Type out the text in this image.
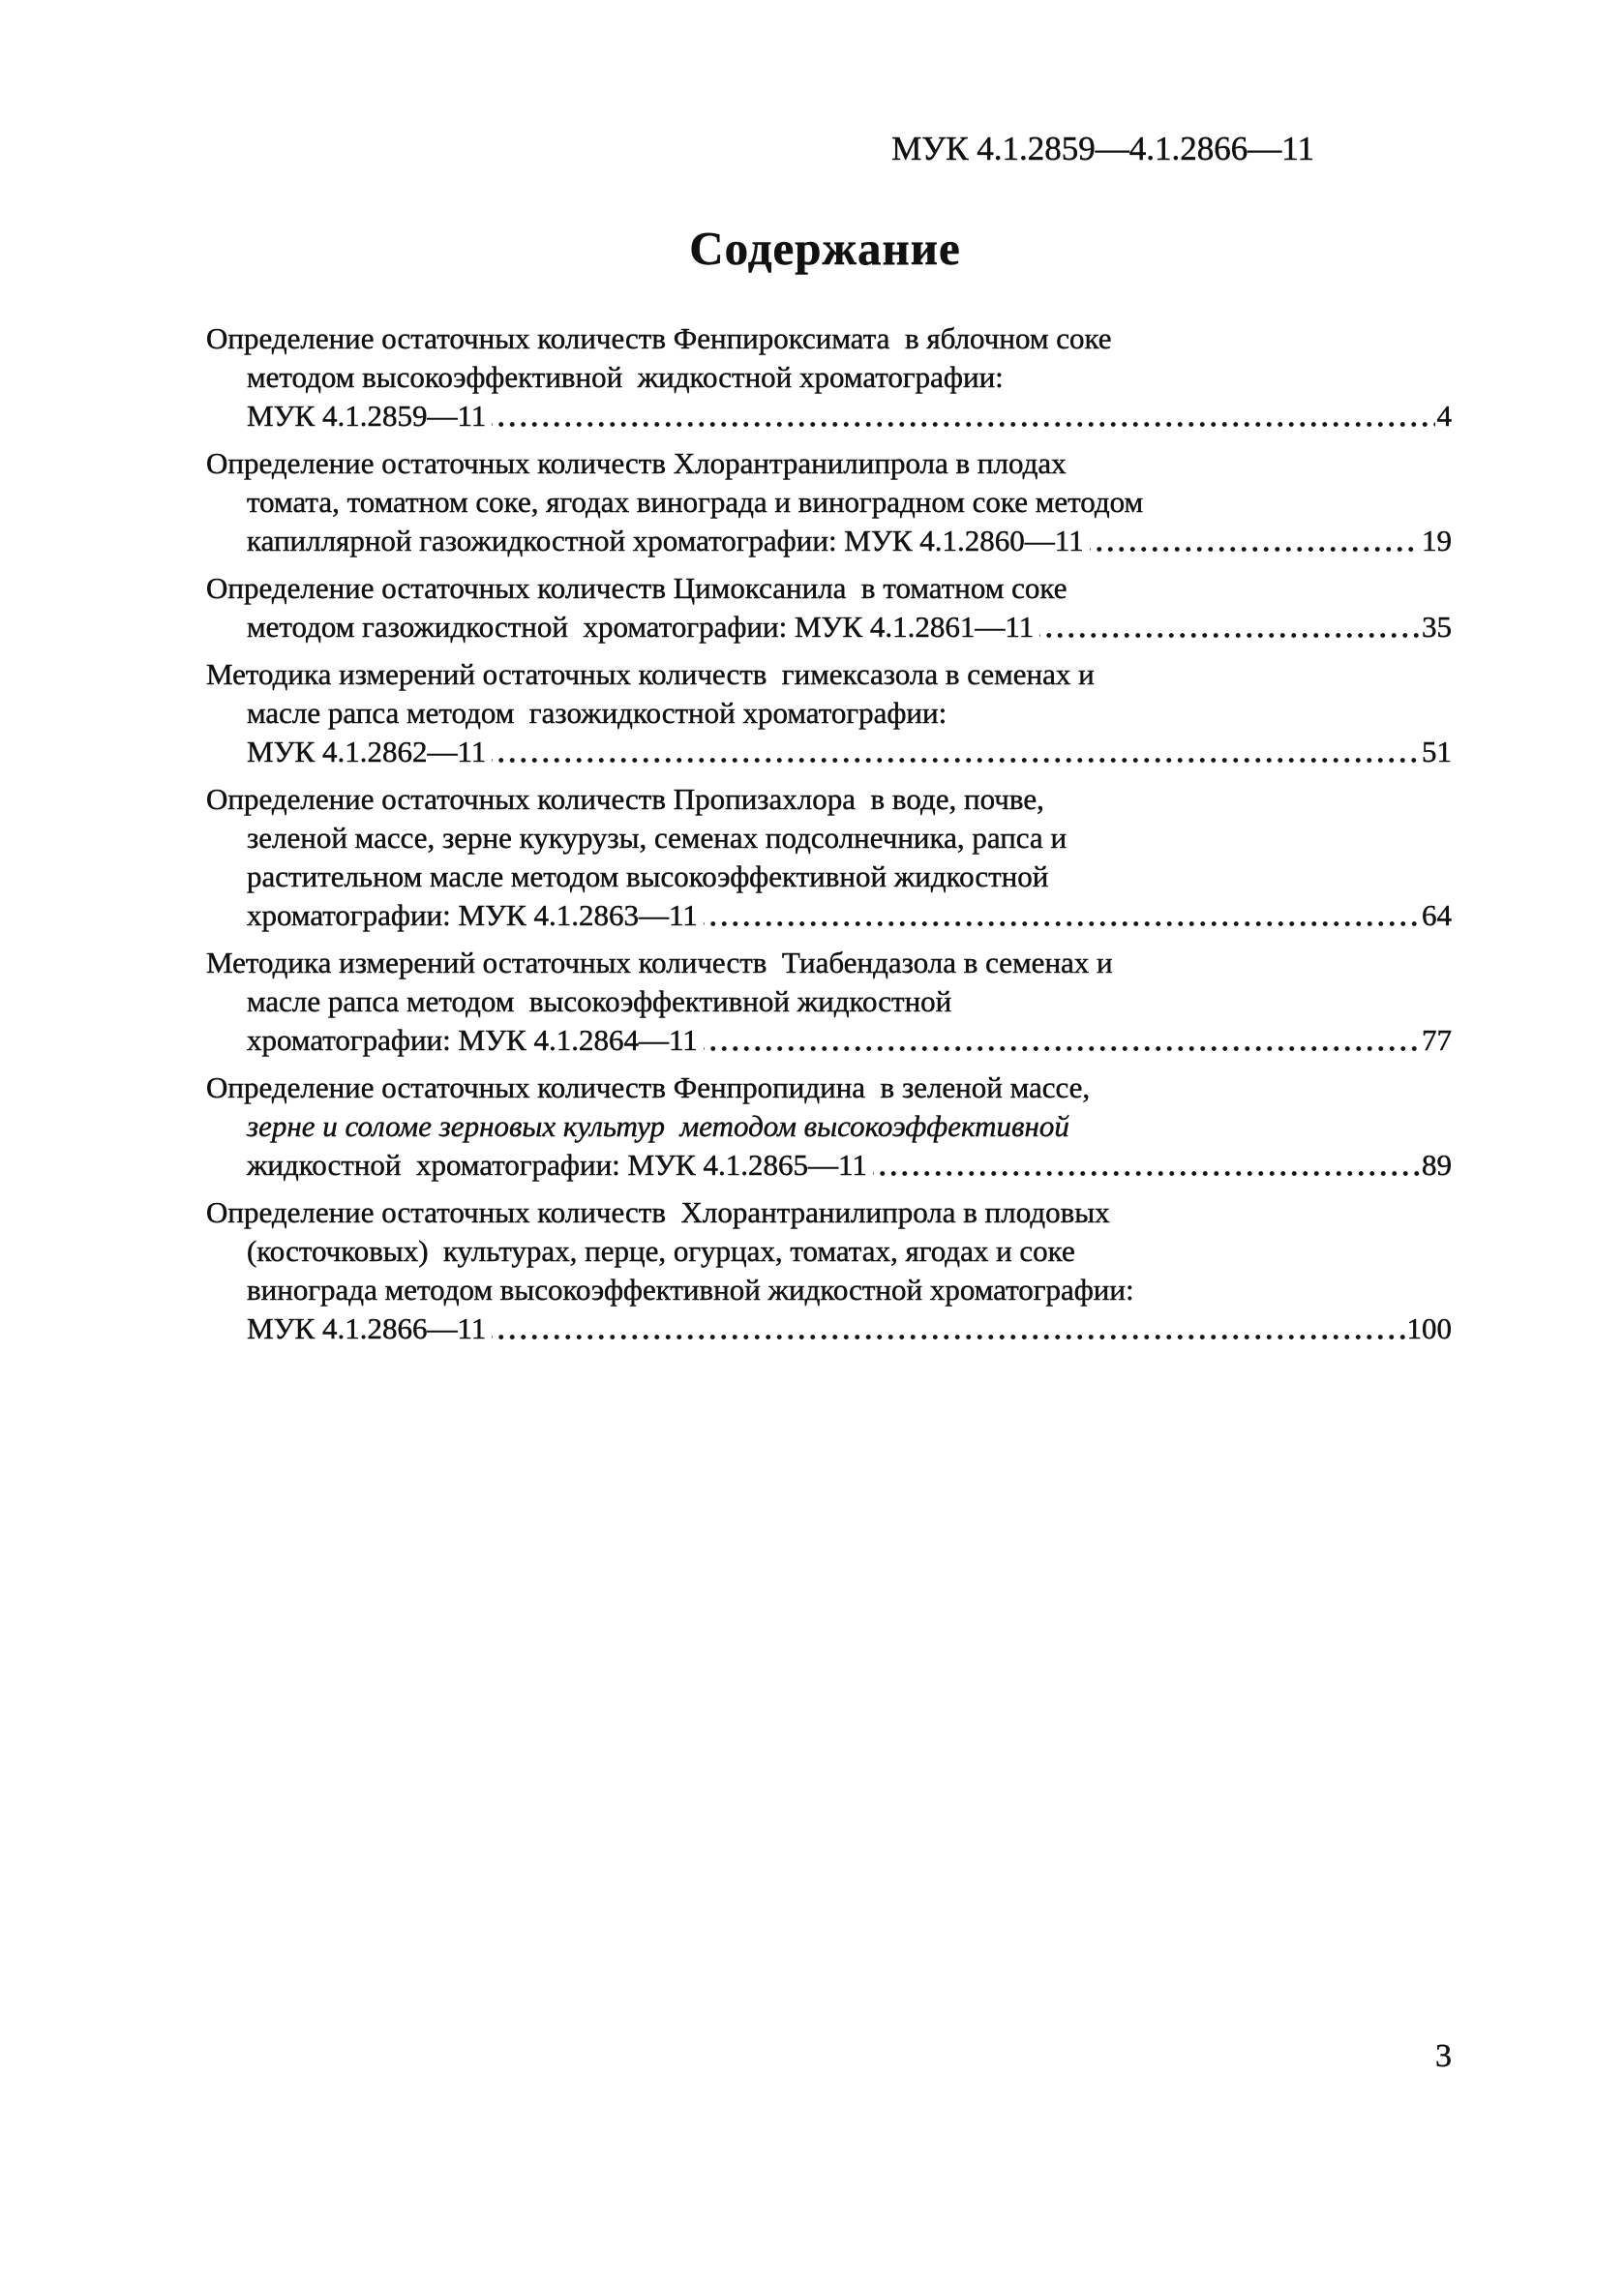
МУК 4.1.2859—4.1.2866—11
Содержание
Определение остаточных количеств Фенпироксимата  в яблочном соке
методом высокоэффективной  жидкостной хроматографии:
МУК 4.1.2859—11	4
Определение остаточных количеств Хлорантранилипрола в плодах
томата, томатном соке, ягодах винограда и виноградном соке методом
капиллярной газожидкостной хроматографии: МУК 4.1.2860—11	19
Определение остаточных количеств Цимоксанила  в томатном соке
методом газожидкостной  хроматографии: МУК 4.1.2861—11	35
Методика измерений остаточных количеств  гимексазола в семенах и
масле рапса методом  газожидкостной хроматографии:
МУК 4.1.2862—11	51
Определение остаточных количеств Пропизахлора  в воде, почве,
зеленой массе, зерне кукурузы, семенах подсолнечника, рапса и
растительном масле методом высокоэффективной жидкостной
хроматографии: МУК 4.1.2863—11	64
Методика измерений остаточных количеств  Тиабендазола в семенах и
масле рапса методом  высокоэффективной жидкостной
хроматографии: МУК 4.1.2864—11	77
Определение остаточных количеств Фенпропидина  в зеленой массе,
зерне и соломе зерновых культур  методом высокоэффективной
жидкостной  хроматографии: МУК 4.1.2865—11	89
Определение остаточных количеств  Хлорантранилипрола в плодовых
(косточковых)  культурах, перце, огурцах, томатах, ягодах и соке
винограда методом высокоэффективной жидкостной хроматографии:
МУК 4.1.2866—11	100
3
